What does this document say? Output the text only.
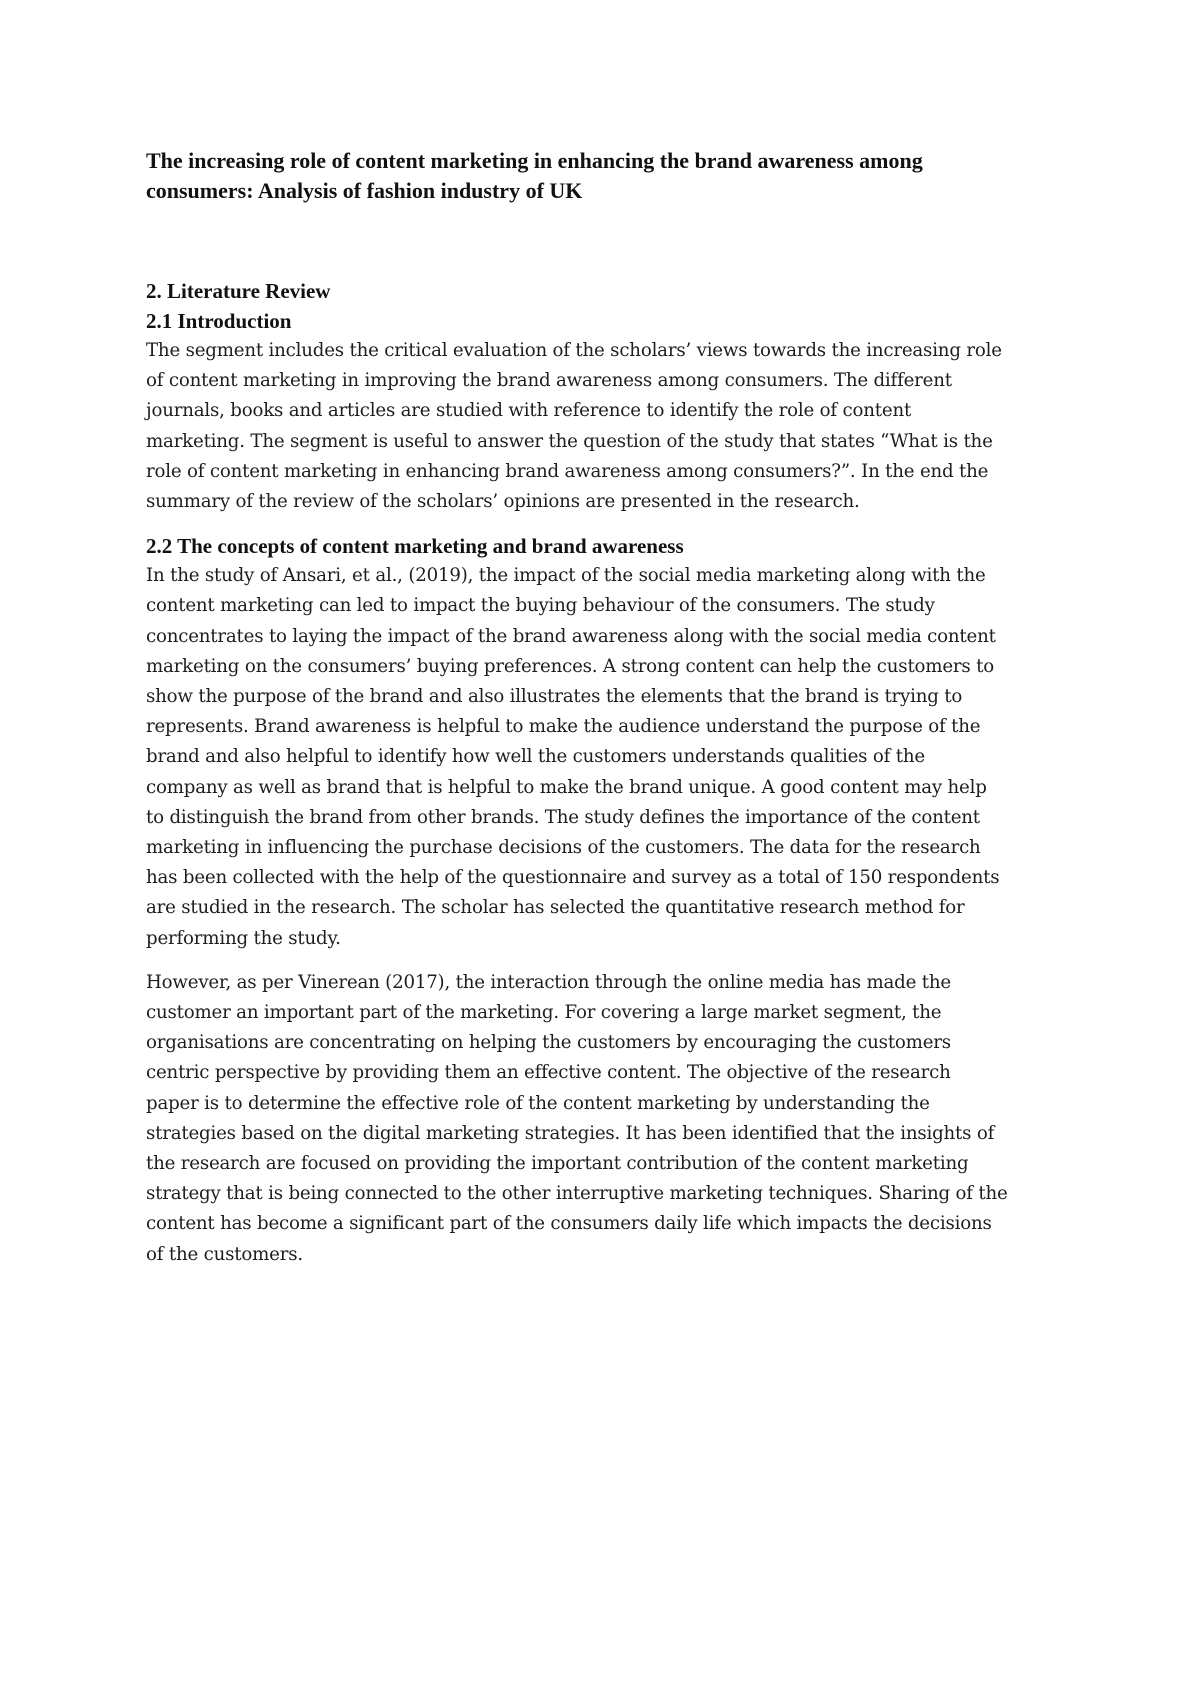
The increasing role of content marketing in enhancing the brand awareness among
consumers: Analysis of fashion industry of UK
2. Literature Review
2.1 Introduction

The segment includes the critical evaluation of the scholars’ views towards the increasing role
of content marketing in improving the brand awareness among consumers. The different
journals, books and articles are studied with reference to identify the role of content
marketing. The segment is useful to answer the question of the study that states “What is the
role of content marketing in enhancing brand awareness among consumers?”. In the end the
summary of the review of the scholars’ opinions are presented in the research.

2.2 The concepts of content marketing and brand awareness

In the study of Ansari, et al., (2019), the impact of the social media marketing along with the
content marketing can led to impact the buying behaviour of the consumers. The study
concentrates to laying the impact of the brand awareness along with the social media content
marketing on the consumers’ buying preferences. A strong content can help the customers to
show the purpose of the brand and also illustrates the elements that the brand is trying to
represents. Brand awareness is helpful to make the audience understand the purpose of the
brand and also helpful to identify how well the customers understands qualities of the
company as well as brand that is helpful to make the brand unique. A good content may help
to distinguish the brand from other brands. The study defines the importance of the content
marketing in influencing the purchase decisions of the customers. The data for the research
has been collected with the help of the questionnaire and survey as a total of 150 respondents
are studied in the research. The scholar has selected the quantitative research method for
performing the study.

However, as per Vinerean (2017), the interaction through the online media has made the
customer an important part of the marketing. For covering a large market segment, the
organisations are concentrating on helping the customers by encouraging the customers
centric perspective by providing them an effective content. The objective of the research
paper is to determine the effective role of the content marketing by understanding the
strategies based on the digital marketing strategies. It has been identified that the insights of
the research are focused on providing the important contribution of the content marketing
strategy that is being connected to the other interruptive marketing techniques. Sharing of the
content has become a significant part of the consumers daily life which impacts the decisions
of the customers.
